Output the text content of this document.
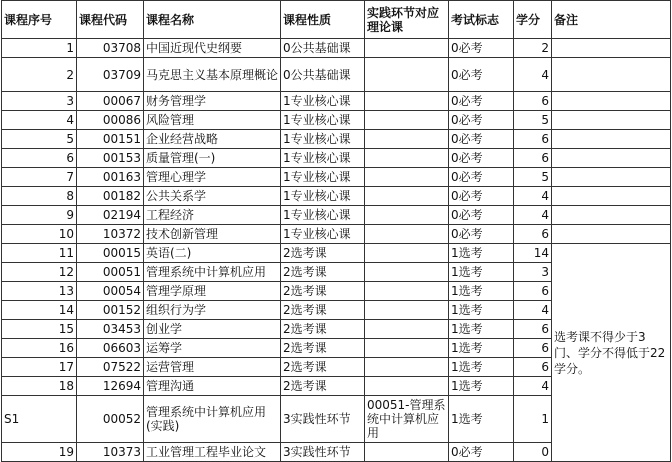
课程序号	课程代码	课程名称	课程性质	实践环节对应理论课	考试标志	学分	备注	
1	03708	中国近现代史纲要	0公共基础课		0必考	2		
2	03709	马克思主义基本原理概论	0公共基础课		0必考	4		
3	00067	财务管理学	1专业核心课		0必考	6		
4	00086	风险管理	1专业核心课		0必考	5		
5	00151	企业经营战略	1专业核心课		0必考	6		
6	00153	质量管理(一)	1专业核心课		0必考	6		
7	00163	管理心理学	1专业核心课		0必考	5		
8	00182	公共关系学	1专业核心课		0必考	4		
9	02194	工程经济	1专业核心课		0必考	4		
10	10372	技术创新管理	1专业核心课		0必考	6		
11	00015	英语(二)	2选考课		1选考	14	选考课不得少于3门、学分不得低于22学分。	
12	00051	管理系统中计算机应用	2选考课		1选考	3		
13	00054	管理学原理	2选考课		1选考	6		
14	00152	组织行为学	2选考课		1选考	4		
15	03453	创业学	2选考课		1选考	6		
16	06603	运筹学	2选考课		1选考	6		
17	07522	运营管理	2选考课		1选考	6		
18	12694	管理沟通	2选考课		1选考	4		
S1	00052	管理系统中计算机应用(实践)	3实践性环节	00051-管理系统中计算机应用	1选考	1		
19	10373	工业管理工程毕业论文	3实践性环节		0必考	0		
